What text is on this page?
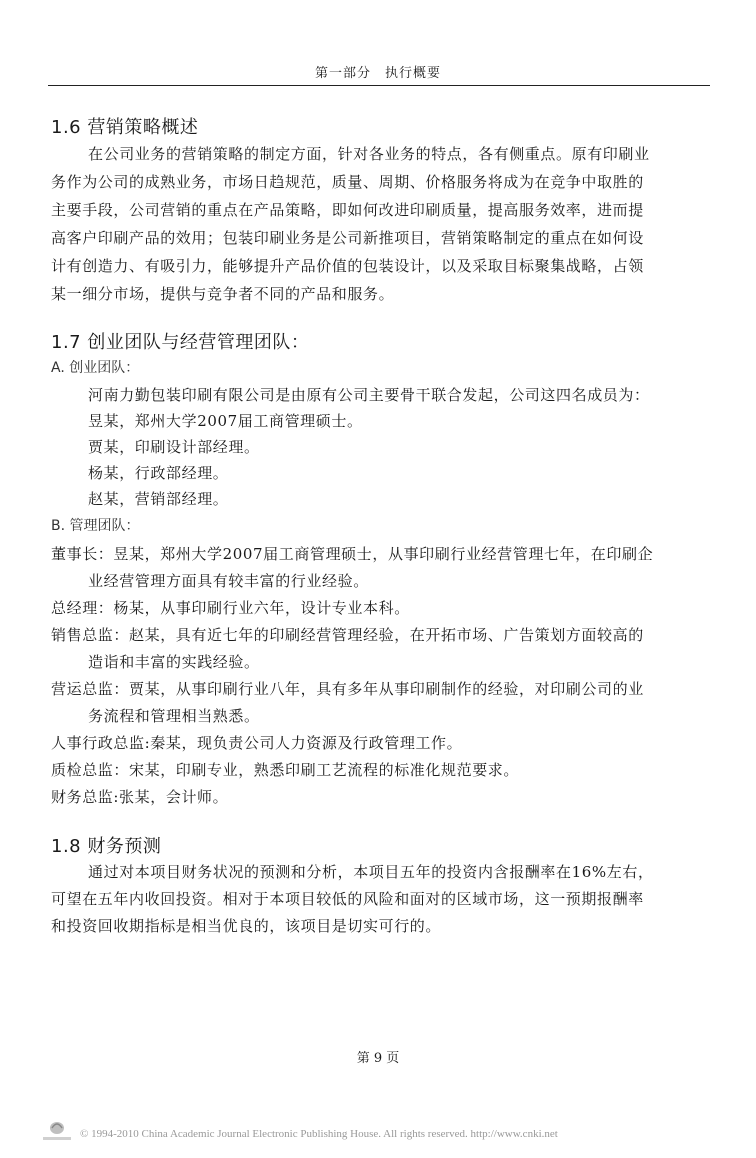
第一部分　执行概要
1.6 营销策略概述
在公司业务的营销策略的制定方面，针对各业务的特点，各有侧重点。原有印刷业
务作为公司的成熟业务，市场日趋规范，质量、周期、价格服务将成为在竞争中取胜的
主要手段，公司营销的重点在产品策略，即如何改进印刷质量，提高服务效率，进而提
高客户印刷产品的效用；包装印刷业务是公司新推项目，营销策略制定的重点在如何设
计有创造力、有吸引力，能够提升产品价值的包装设计，以及采取目标聚集战略，占领
某一细分市场，提供与竞争者不同的产品和服务。
1.7 创业团队与经营管理团队：
A. 创业团队：
河南力勤包装印刷有限公司是由原有公司主要骨干联合发起，公司这四名成员为：
昱某，郑州大学2007届工商管理硕士。
贾某，印刷设计部经理。
杨某，行政部经理。
赵某，营销部经理。
B. 管理团队：
董事长：昱某，郑州大学2007届工商管理硕士，从事印刷行业经营管理七年，在印刷企
业经营管理方面具有较丰富的行业经验。
总经理：杨某，从事印刷行业六年，设计专业本科。
销售总监：赵某，具有近七年的印刷经营管理经验，在开拓市场、广告策划方面较高的
造诣和丰富的实践经验。
营运总监：贾某，从事印刷行业八年，具有多年从事印刷制作的经验，对印刷公司的业
务流程和管理相当熟悉。
人事行政总监:秦某，现负责公司人力资源及行政管理工作。
质检总监：宋某，印刷专业，熟悉印刷工艺流程的标准化规范要求。
财务总监:张某，会计师。
1.8 财务预测
通过对本项目财务状况的预测和分析，本项目五年的投资内含报酬率在16%左右，
可望在五年内收回投资。相对于本项目较低的风险和面对的区域市场，这一预期报酬率
和投资回收期指标是相当优良的，该项目是切实可行的。
第 9 页
© 1994-2010 China Academic Journal Electronic Publishing House. All rights reserved. http://www.cnki.net
